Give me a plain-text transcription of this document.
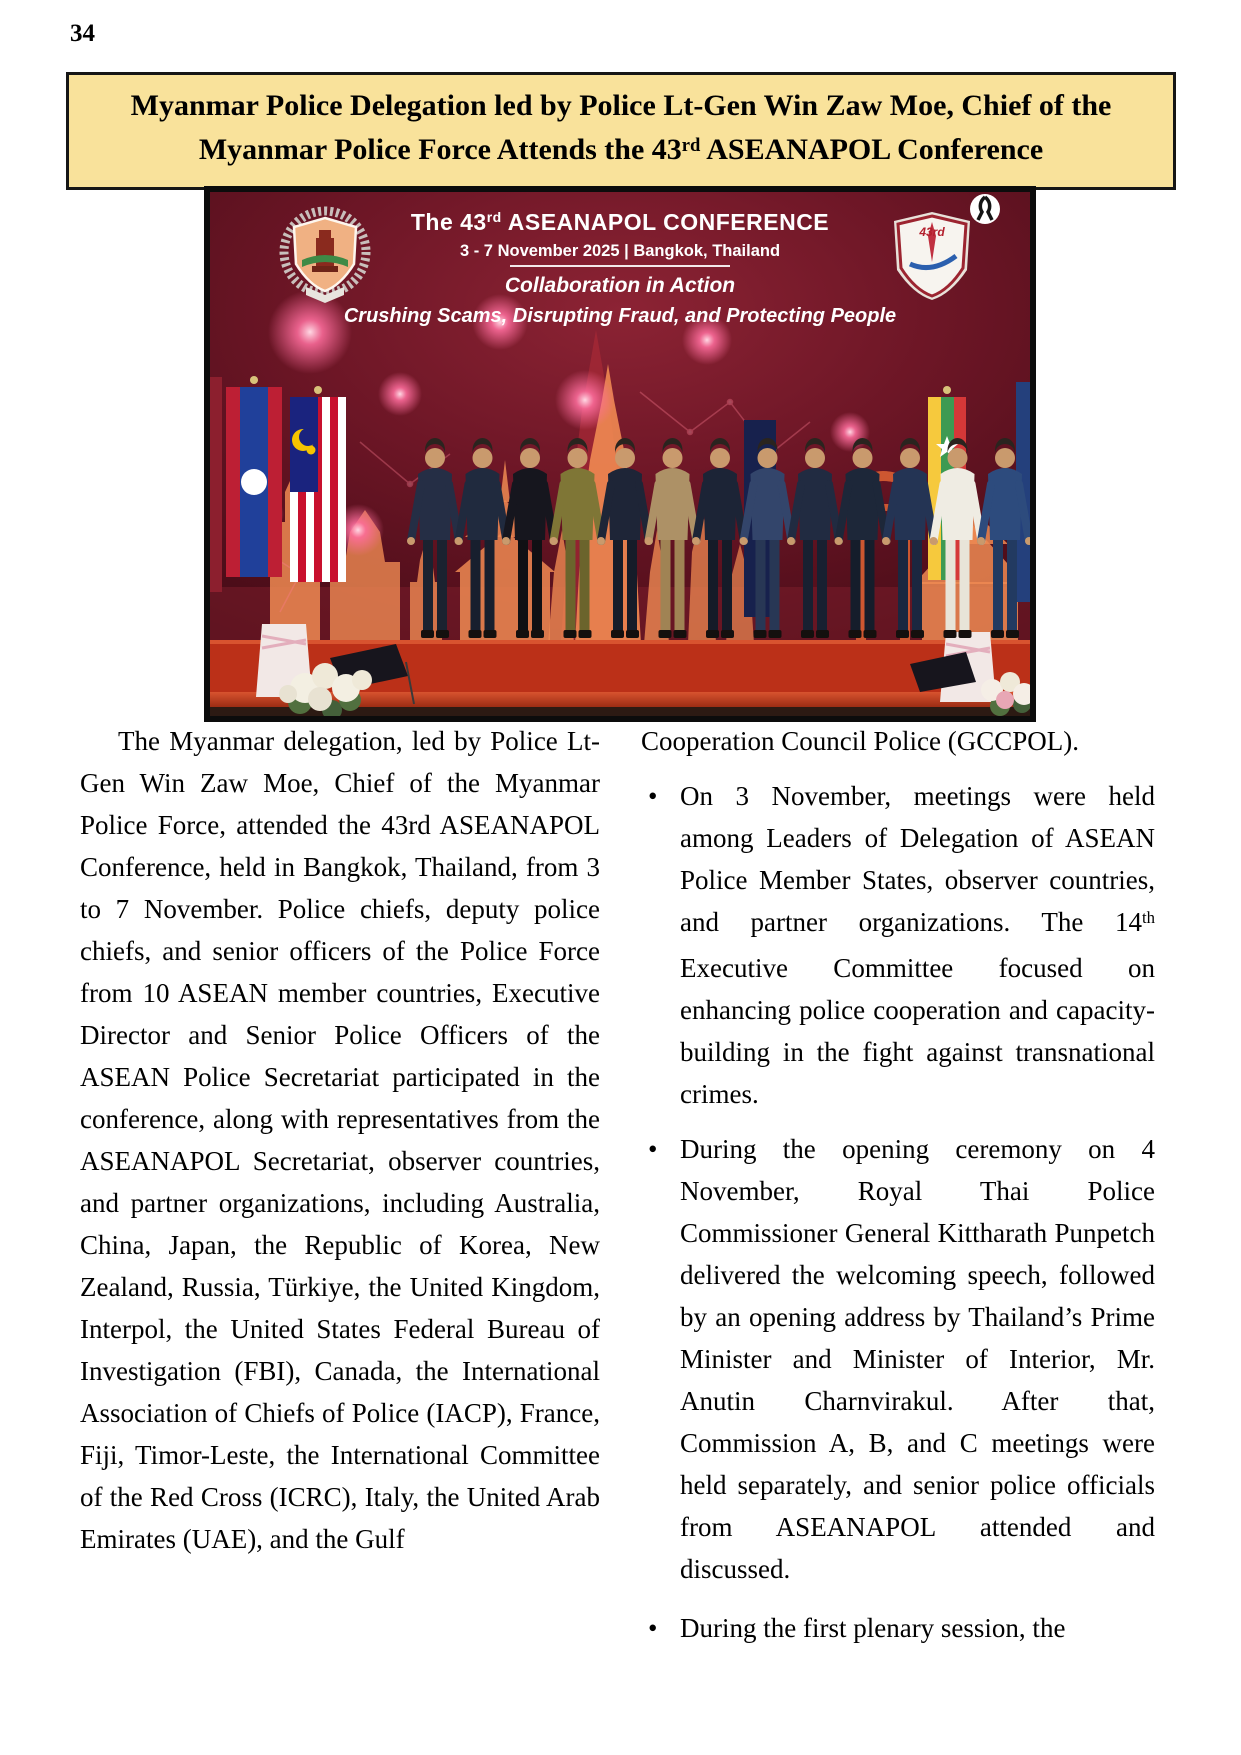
34
Myanmar Police Delegation led by Police Lt-Gen Win Zaw Moe, Chief of the
Myanmar Police Force Attends the 43rd ASEANAPOL Conference
43rd
The 43rd ASEANAPOL CONFERENCE
3 - 7 November 2025 | Bangkok, Thailand
Collaboration in Action
Crushing Scams, Disrupting Fraud, and Protecting People
The Myanmar delegation, led by Police Lt-Gen Win Zaw Moe, Chief of the Myanmar Police Force, attended the 43rd ASEANAPOL Conference, held in Bangkok, Thailand, from 3 to 7 November. Police chiefs, deputy police chiefs, and senior officers of the Police Force from 10 ASEAN member countries, Executive Director and Senior Police Officers of the ASEAN Police Secretariat participated in the conference, along with representatives from the ASEANAPOL Secretariat, observer countries, and partner organizations, including Australia, China, Japan, the Republic of Korea, New Zealand, Russia, Türkiye, the United Kingdom, Interpol, the United States Federal Bureau of Investigation (FBI), Canada, the International Association of Chiefs of Police (IACP), France, Fiji, Timor-Leste, the International Committee of the Red Cross (ICRC), Italy, the United Arab Emirates (UAE), and the Gulf
Cooperation Council Police (GCCPOL).
• On 3 November, meetings were held among Leaders of Delegation of ASEAN Police Member States, observer countries, and partner organizations. The 14th Executive Committee focused on enhancing police cooperation and capacity-building in the fight against transnational crimes.
• During the opening ceremony on 4 November, Royal Thai Police Commissioner General Kittharath Punpetch delivered the welcoming speech, followed by an opening address by Thailand’s Prime Minister and Minister of Interior, Mr. Anutin Charnvirakul. After that, Commission A, B, and C meetings were held separately, and senior police officials from ASEANAPOL attended and discussed.
• During the first plenary session, the
